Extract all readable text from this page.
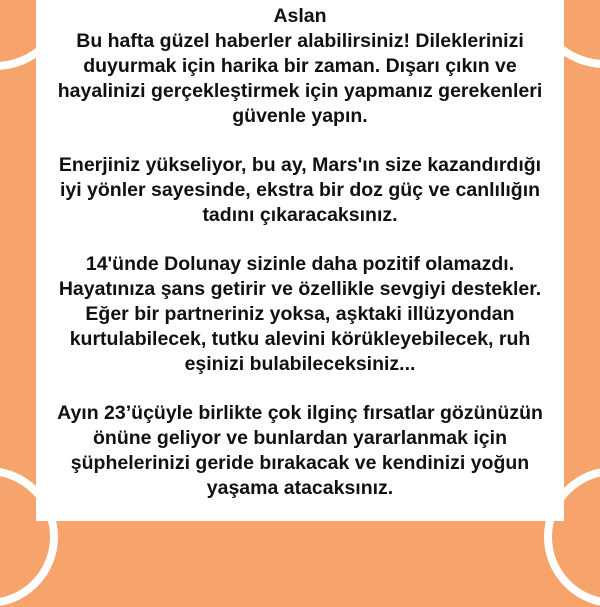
Aslan

Bu hafta güzel haberler alabilirsiniz! Dileklerinizi
duyurmak için harika bir zaman. Dışarı çıkın ve
hayalinizi gerçekleştirmek için yapmanız gerekenleri
güvenle yapın.

Enerjiniz yükseliyor, bu ay, Mars'ın size kazandırdığı
iyi yönler sayesinde, ekstra bir doz güç ve canlılığın
tadını çıkaracaksınız.

14'ünde Dolunay sizinle daha pozitif olamazdı.
Hayatınıza şans getirir ve özellikle sevgiyi destekler.
Eğer bir partneriniz yoksa, aşktaki illüzyondan
kurtulabilecek, tutku alevini körükleyebilecek, ruh
eşinizi bulabileceksiniz...

Ayın 23’üçüyle birlikte çok ilginç fırsatlar gözünüzün
önüne geliyor ve bunlardan yararlanmak için
şüphelerinizi geride bırakacak ve kendinizi yoğun
yaşama atacaksınız.
